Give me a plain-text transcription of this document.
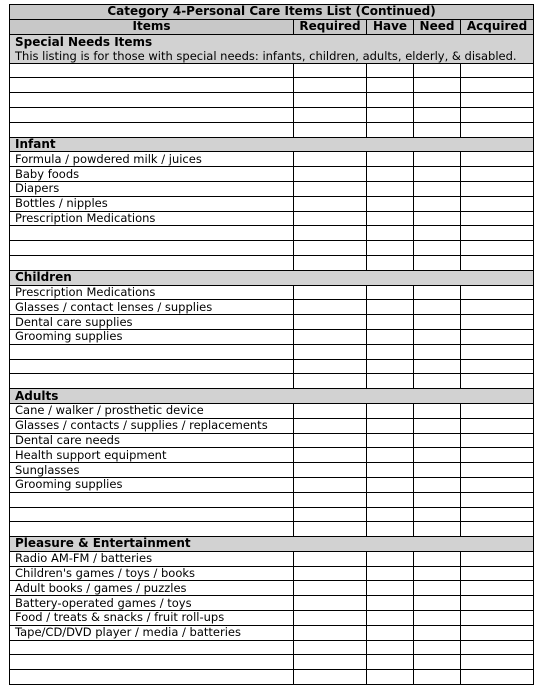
Category 4-Personal Care Items List (Continued)				
Items	Required	Have	Need	Acquired

Special Needs Items
This listing is for those with special needs: infants, children, adults, elderly, & disabled.				

Infant				
Formula / powdered milk / juices				
Baby foods				
Diapers				
Bottles / nipples				
Prescription Medications				

Children				
Prescription Medications				
Glasses / contact lenses / supplies				
Dental care supplies				
Grooming supplies				

Adults				
Cane / walker / prosthetic device				
Glasses / contacts / supplies / replacements				
Dental care needs				
Health support equipment				
Sunglasses				
Grooming supplies				

Pleasure & Entertainment				
Radio AM-FM / batteries				
Children's games / toys / books				
Adult books / games / puzzles				
Battery-operated games / toys				
Food / treats & snacks / fruit roll-ups				
Tape/CD/DVD player / media / batteries				
